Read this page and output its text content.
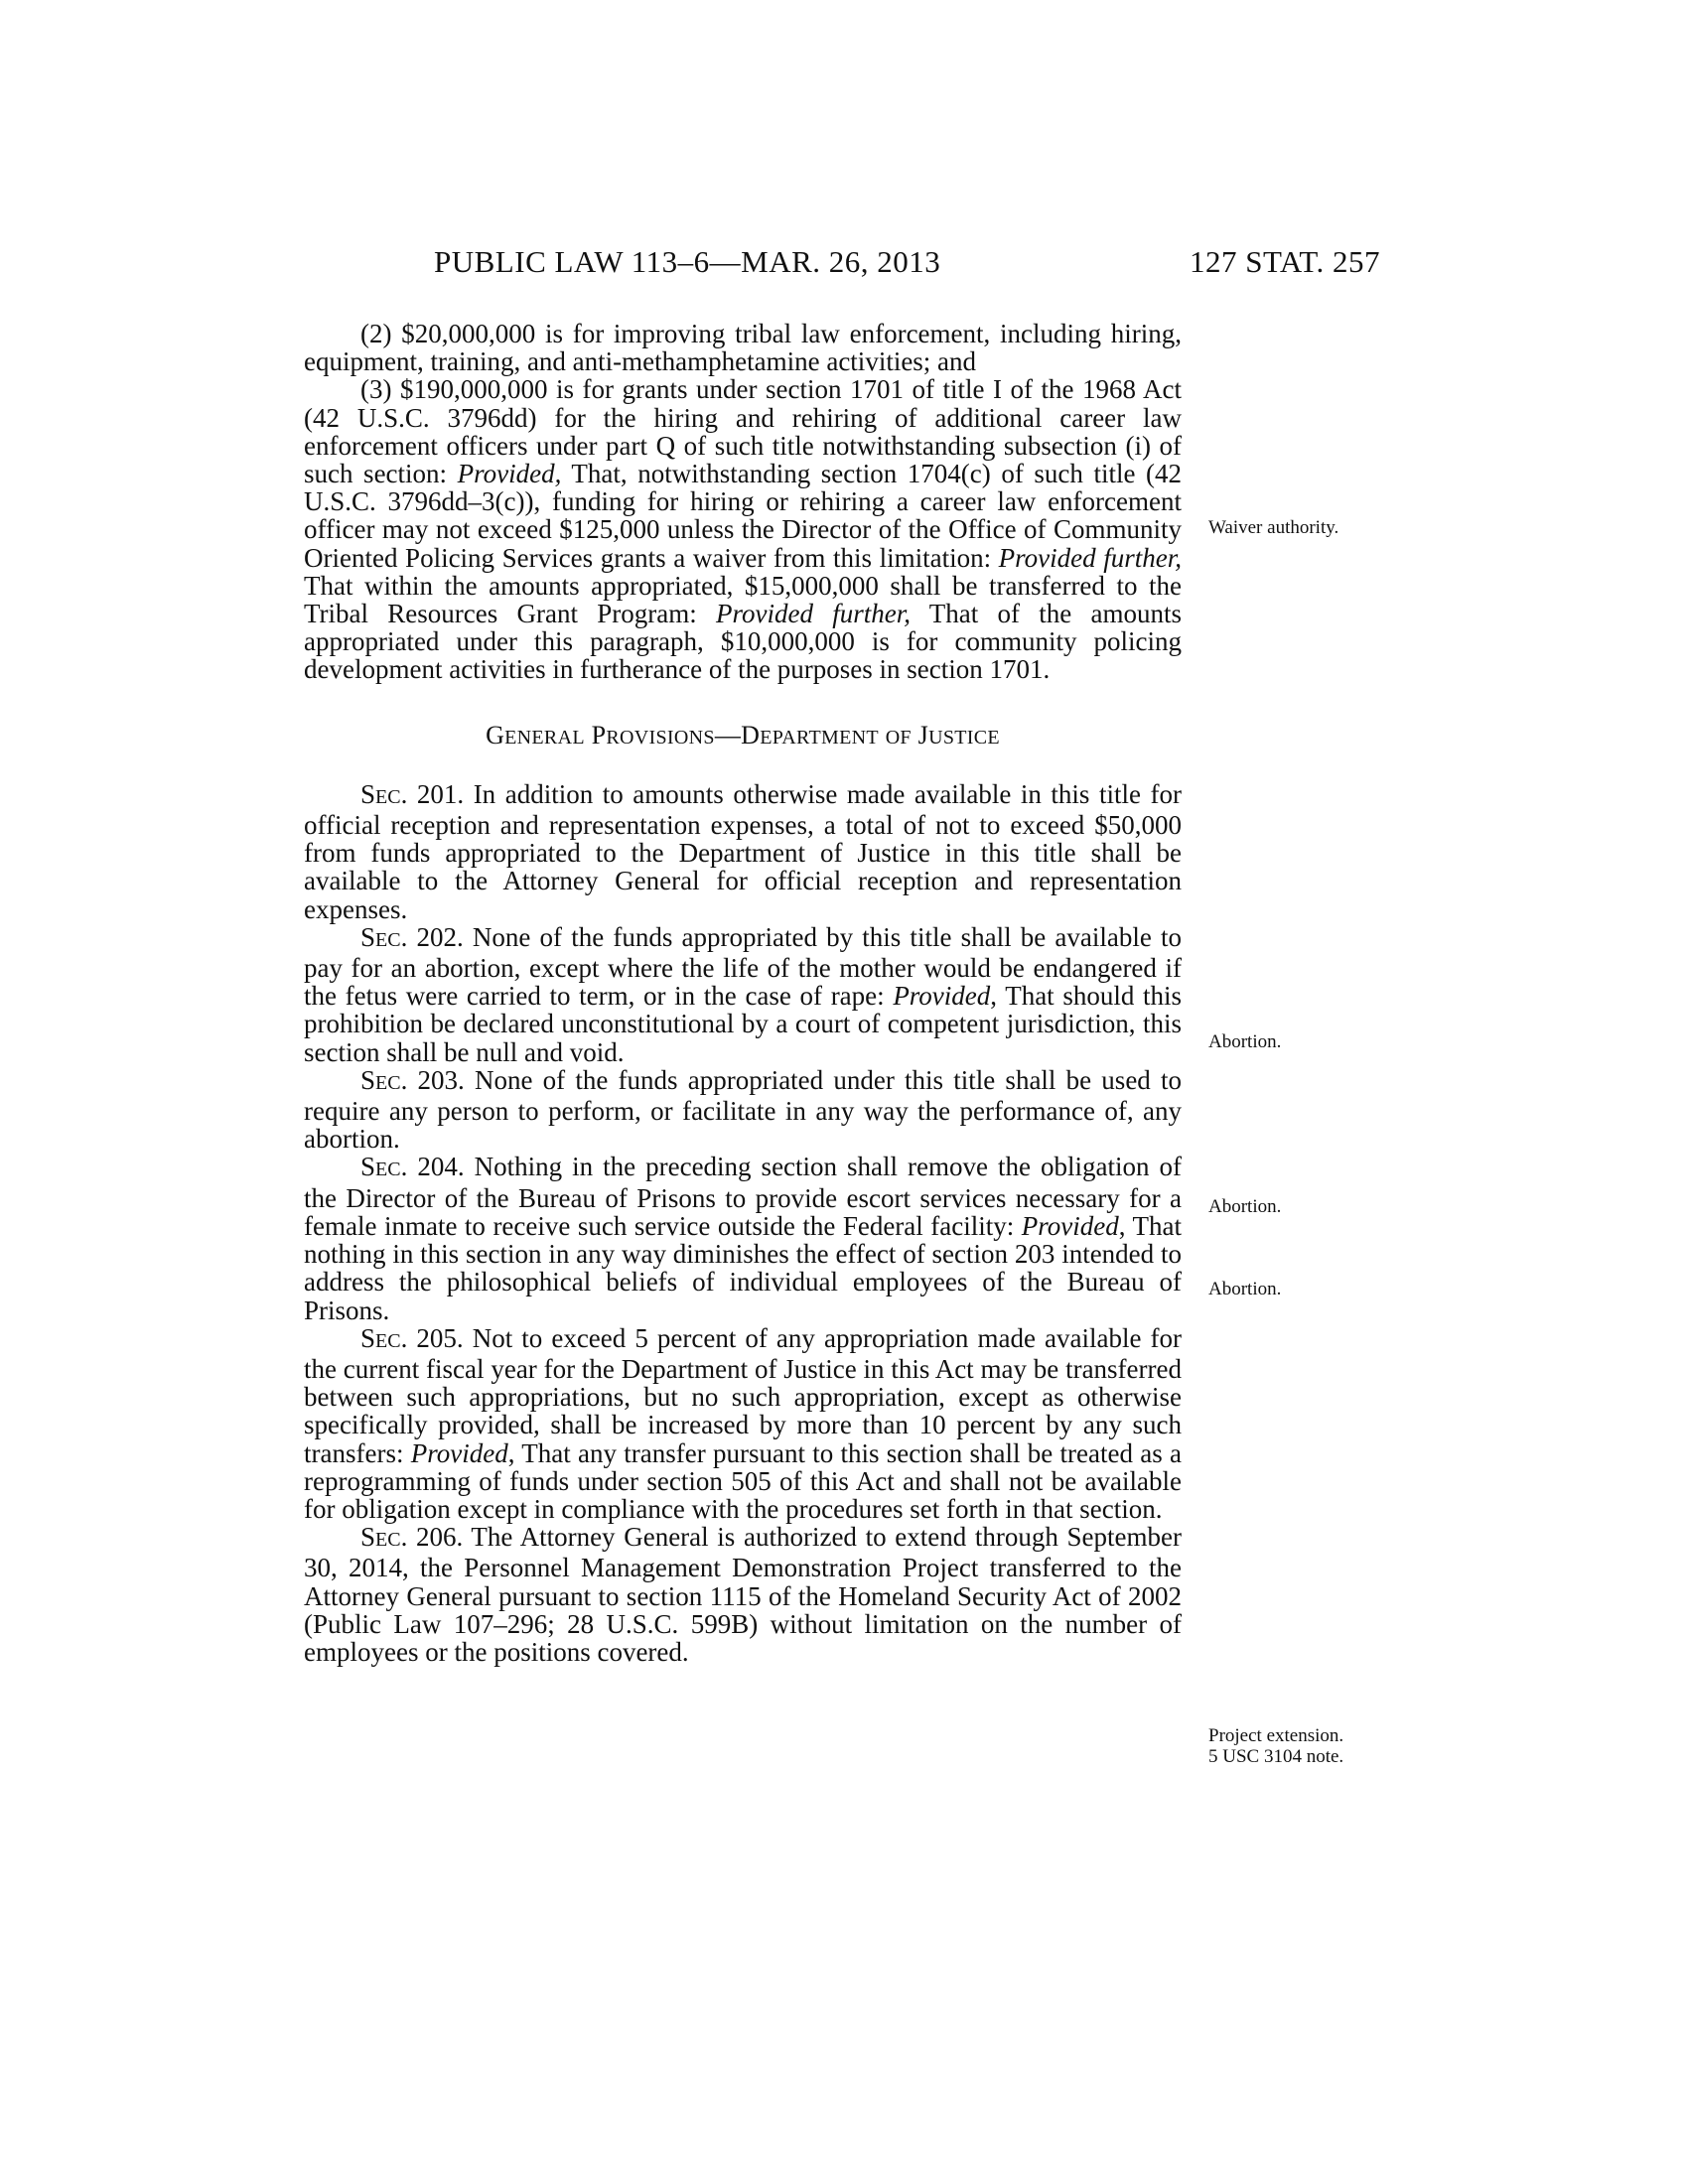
PUBLIC LAW 113–6—MAR. 26, 2013	127 STAT. 257

(2) $20,000,000 is for improving tribal law enforcement, including hiring, equipment, training, and anti-methamphetamine activities; and

(3) $190,000,000 is for grants under section 1701 of title I of the 1968 Act (42 U.S.C. 3796dd) for the hiring and rehiring of additional career law enforcement officers under part Q of such title notwithstanding subsection (i) of such section: Provided, That, notwithstanding section 1704(c) of such title (42 U.S.C. 3796dd–3(c)), funding for hiring or rehiring a career law enforcement officer may not exceed $125,000 unless the Director of the Office of Community Oriented Policing Services grants a waiver from this limitation: Provided further, That within the amounts appropriated, $15,000,000 shall be transferred to the Tribal Resources Grant Program: Provided further, That of the amounts appropriated under this paragraph, $10,000,000 is for community policing development activities in furtherance of the purposes in section 1701.

GENERAL PROVISIONS—DEPARTMENT OF JUSTICE

SEC. 201. In addition to amounts otherwise made available in this title for official reception and representation expenses, a total of not to exceed $50,000 from funds appropriated to the Department of Justice in this title shall be available to the Attorney General for official reception and representation expenses.

SEC. 202. None of the funds appropriated by this title shall be available to pay for an abortion, except where the life of the mother would be endangered if the fetus were carried to term, or in the case of rape: Provided, That should this prohibition be declared unconstitutional by a court of competent jurisdiction, this section shall be null and void.

SEC. 203. None of the funds appropriated under this title shall be used to require any person to perform, or facilitate in any way the performance of, any abortion.

SEC. 204. Nothing in the preceding section shall remove the obligation of the Director of the Bureau of Prisons to provide escort services necessary for a female inmate to receive such service outside the Federal facility: Provided, That nothing in this section in any way diminishes the effect of section 203 intended to address the philosophical beliefs of individual employees of the Bureau of Prisons.

SEC. 205. Not to exceed 5 percent of any appropriation made available for the current fiscal year for the Department of Justice in this Act may be transferred between such appropriations, but no such appropriation, except as otherwise specifically provided, shall be increased by more than 10 percent by any such transfers: Provided, That any transfer pursuant to this section shall be treated as a reprogramming of funds under section 505 of this Act and shall not be available for obligation except in compliance with the procedures set forth in that section.

SEC. 206. The Attorney General is authorized to extend through September 30, 2014, the Personnel Management Demonstration Project transferred to the Attorney General pursuant to section 1115 of the Homeland Security Act of 2002 (Public Law 107–296; 28 U.S.C. 599B) without limitation on the number of employees or the positions covered.

Waiver authority.
Abortion.
Abortion.
Abortion.
Project extension.
5 USC 3104 note.
